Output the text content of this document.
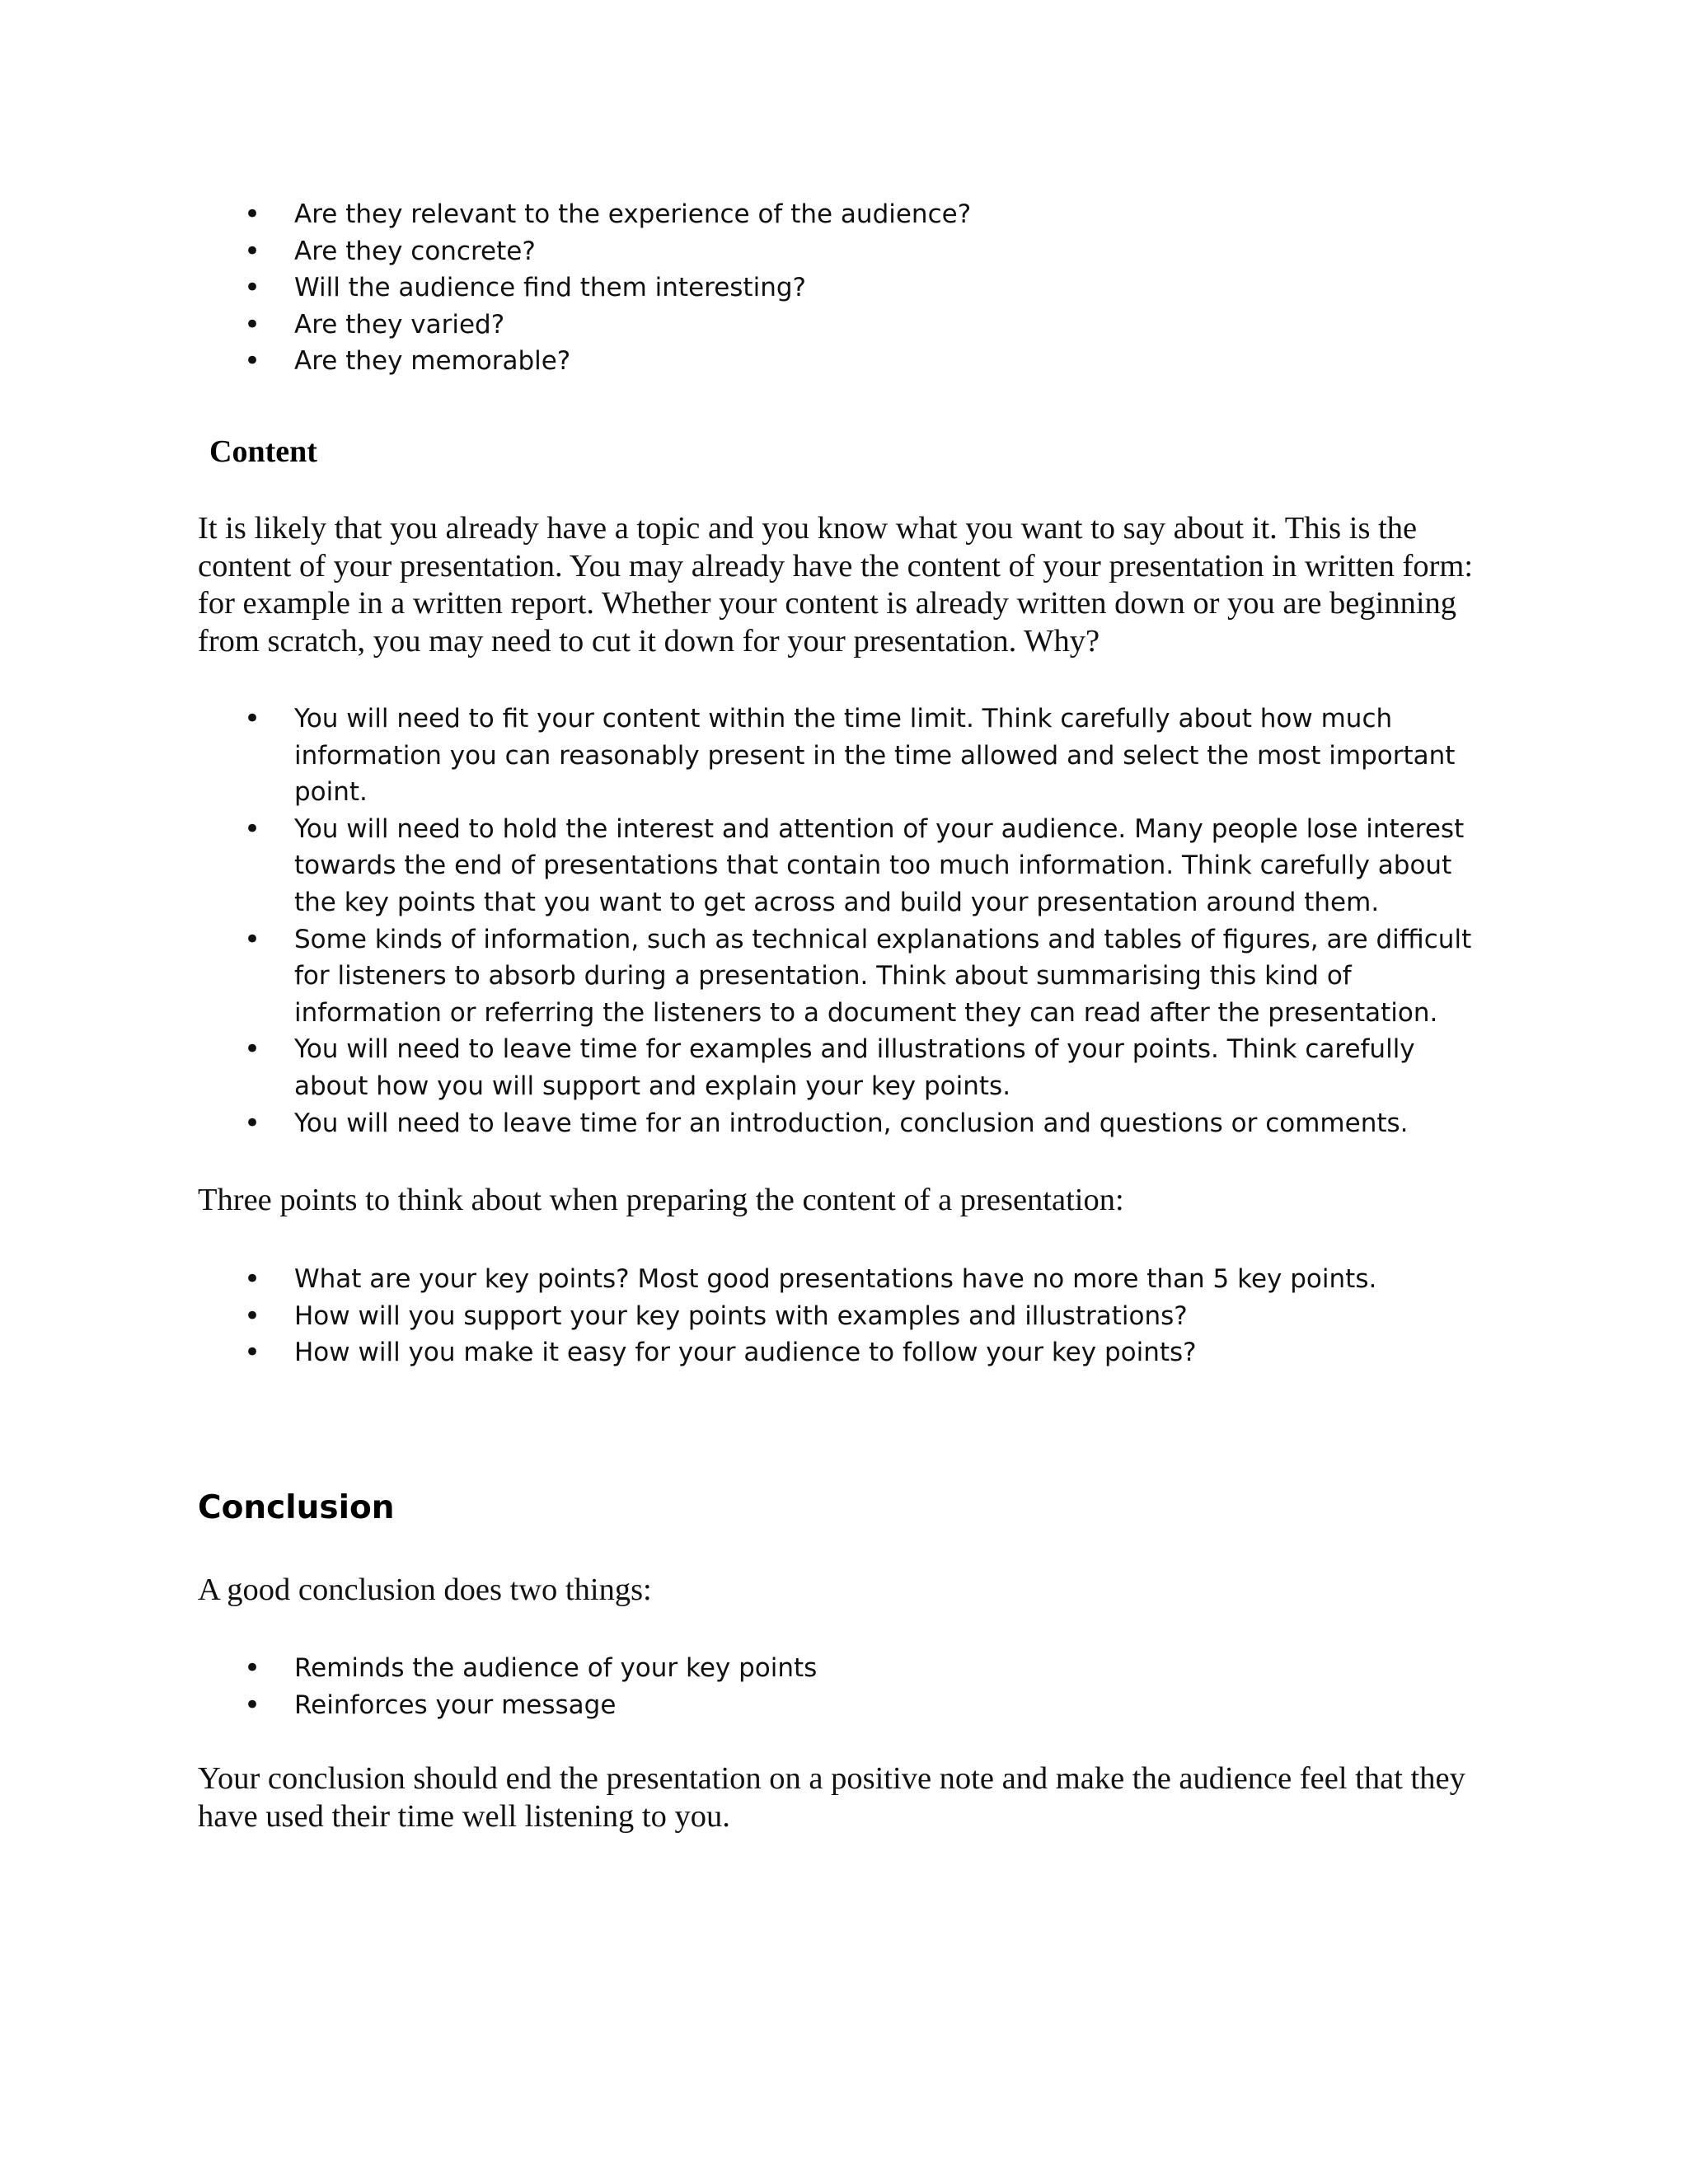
• Are they relevant to the experience of the audience?
• Are they concrete?
• Will the audience find them interesting?
• Are they varied?
• Are they memorable?
Content

It is likely that you already have a topic and you know what you want to say about it. This is the content of your presentation. You may already have the content of your presentation in written form: for example in a written report. Whether your content is already written down or you are beginning from scratch, you may need to cut it down for your presentation. Why?

• You will need to fit your content within the time limit. Think carefully about how much information you can reasonably present in the time allowed and select the most important point.
• You will need to hold the interest and attention of your audience. Many people lose interest towards the end of presentations that contain too much information. Think carefully about the key points that you want to get across and build your presentation around them.
• Some kinds of information, such as technical explanations and tables of figures, are difficult for listeners to absorb during a presentation. Think about summarising this kind of information or referring the listeners to a document they can read after the presentation.
• You will need to leave time for examples and illustrations of your points. Think carefully about how you will support and explain your key points.
• You will need to leave time for an introduction, conclusion and questions or comments.

Three points to think about when preparing the content of a presentation:

• What are your key points? Most good presentations have no more than 5 key points.
• How will you support your key points with examples and illustrations?
• How will you make it easy for your audience to follow your key points?
Conclusion

A good conclusion does two things:

• Reminds the audience of your key points
• Reinforces your message

Your conclusion should end the presentation on a positive note and make the audience feel that they have used their time well listening to you.
